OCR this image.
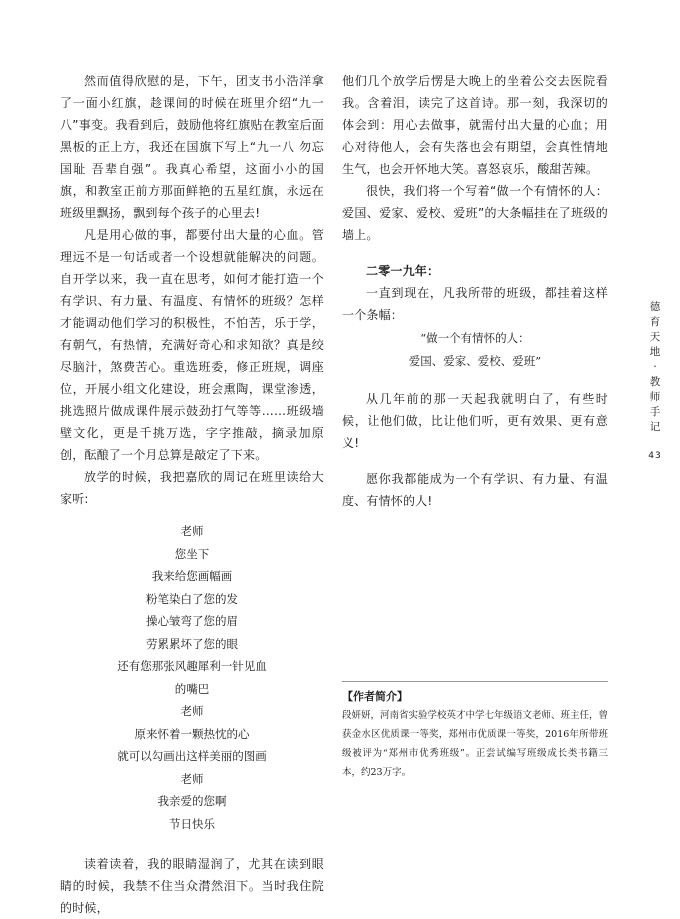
然而值得欣慰的是，下午，团支书小浩洋拿了一面小红旗，趁课间的时候在班里介绍“九一八”事变。我看到后，鼓励他将红旗贴在教室后面黑板的正上方，我还在国旗下写上“九一八 勿忘国耻 吾辈自强”。我真心希望，这面小小的国旗，和教室正前方那面鲜艳的五星红旗，永远在班级里飘扬，飘到每个孩子的心里去!

凡是用心做的事，都要付出大量的心血。管理远不是一句话或者一个设想就能解决的问题。自开学以来，我一直在思考，如何才能打造一个有学识、有力量、有温度、有情怀的班级？怎样才能调动他们学习的积极性，不怕苦，乐于学，有朝气，有热情，充满好奇心和求知欲？真是绞尽脑汁，煞费苦心。重选班委，修正班规，调座位，开展小组文化建设，班会熏陶，课堂渗透，挑选照片做成课件展示鼓劲打气等等……班级墙壁文化，更是千挑万选，字字推敲，摘录加原创，酝酿了一个月总算是敲定了下来。

放学的时候，我把嘉欣的周记在班里读给大家听:

老师
您坐下
我来给您画幅画
粉笔染白了您的发
操心皱弯了您的眉
劳累累坏了您的眼
还有您那张风趣犀利一针见血
的嘴巴
老师
原来怀着一颗热忱的心
就可以勾画出这样美丽的图画
老师
我亲爱的您啊
节日快乐

读着读着，我的眼睛湿润了，尤其在读到眼睛的时候，我禁不住当众潸然泪下。当时我住院的时候，

他们几个放学后愣是大晚上的坐着公交去医院看我。含着泪，读完了这首诗。那一刻，我深切的体会到：用心去做事，就需付出大量的心血；用心对待他人，会有失落也会有期望，会真性情地生气，也会开怀地大笑。喜怒哀乐，酸甜苦辣。

很快，我们将一个写着“做一个有情怀的人：爱国、爱家、爱校、爱班”的大条幅挂在了班级的墙上。

二零一九年：

一直到现在，凡我所带的班级，都挂着这样一个条幅：

“做一个有情怀的人：

爱国、爱家、爱校、爱班”

从几年前的那一天起我就明白了，有些时候，让他们做，比让他们听，更有效果、更有意义!

愿你我都能成为一个有学识、有力量、有温度、有情怀的人!

【作者简介】

段妍妍，河南省实验学校英才中学七年级语文老师、班主任，曾获金水区优质课一等奖，郑州市优质课一等奖，2016年所带班级被评为“郑州市优秀班级”。正尝试编写班级成长类书籍三本，约23万字。

德
育
天
地
·
教
师
手
记
43
